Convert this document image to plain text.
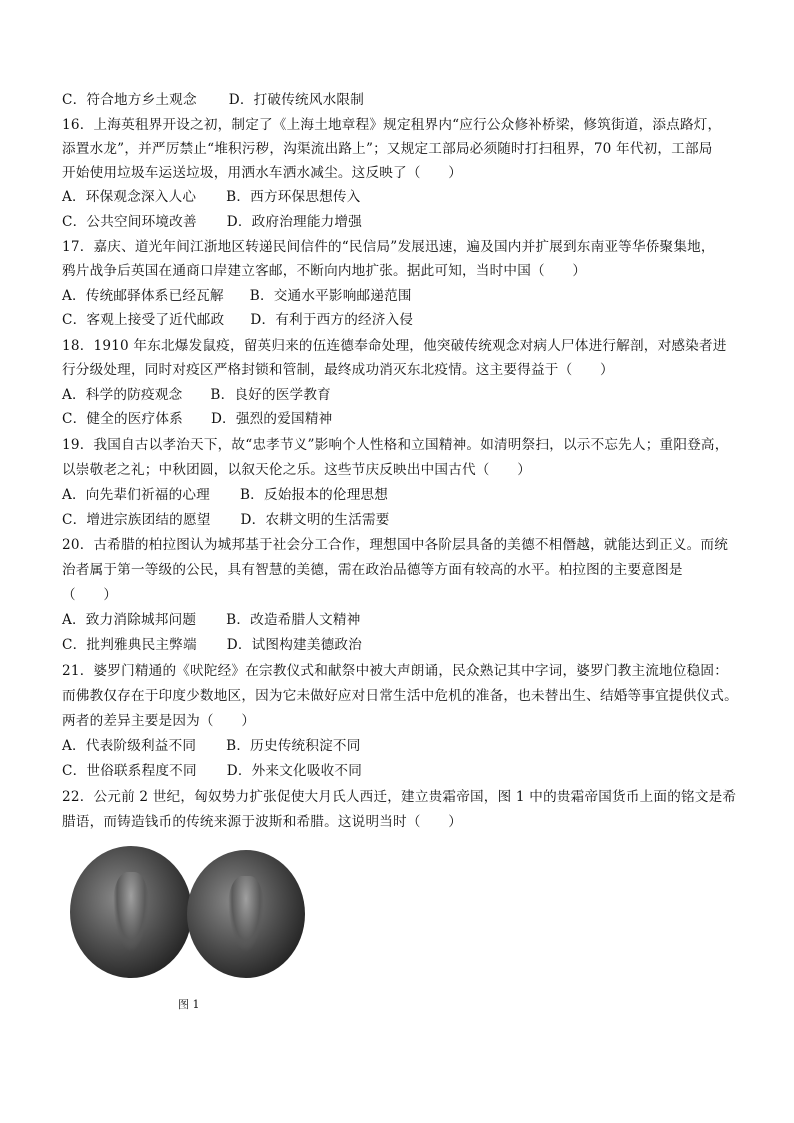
C．符合地方乡土观念 D．打破传统风水限制
16．上海英租界开设之初，制定了《上海土地章程》规定租界内“应行公众修补桥梁，修筑街道，添点路灯，
添置水龙”，并严厉禁止“堆积污秽，沟渠流出路上”；又规定工部局必须随时打扫租界，70 年代初，工部局
开始使用垃圾车运送垃圾，用洒水车洒水减尘。这反映了（　　）
A．环保观念深入人心 B．西方环保思想传入
C．公共空间环境改善 D．政府治理能力增强
17．嘉庆、道光年间江浙地区转递民间信件的“民信局”发展迅速，遍及国内并扩展到东南亚等华侨聚集地，
鸦片战争后英国在通商口岸建立客邮，不断向内地扩张。据此可知，当时中国（　　）
A．传统邮驿体系已经瓦解 B．交通水平影响邮递范围
C．客观上接受了近代邮政 D．有利于西方的经济入侵
18．1910 年东北爆发鼠疫，留英归来的伍连德奉命处理，他突破传统观念对病人尸体进行解剖，对感染者进
行分级处理，同时对疫区严格封锁和管制，最终成功消灭东北疫情。这主要得益于（　　）
A．科学的防疫观念 B．良好的医学教育
C．健全的医疗体系 D．强烈的爱国精神
19．我国自古以孝治天下，故“忠孝节义”影响个人性格和立国精神。如清明祭扫，以示不忘先人；重阳登高，
以崇敬老之礼；中秋团圆，以叙天伦之乐。这些节庆反映出中国古代（　　）
A．向先辈们祈福的心理 B．反始报本的伦理思想
C．增进宗族团结的愿望 D．农耕文明的生活需要
20．古希腊的柏拉图认为城邦基于社会分工合作，理想国中各阶层具备的美德不相僭越，就能达到正义。而统
治者属于第一等级的公民，具有智慧的美德，需在政治品德等方面有较高的水平。柏拉图的主要意图是
（　　）
A．致力消除城邦问题 B．改造希腊人文精神
C．批判雅典民主弊端 D．试图构建美德政治
21．婆罗门精通的《吠陀经》在宗教仪式和献祭中被大声朗诵，民众熟记其中字词，婆罗门教主流地位稳固：
而佛教仅存在于印度少数地区，因为它未做好应对日常生活中危机的准备，也未替出生、结婚等事宜提供仪式。
两者的差异主要是因为（　　）
A．代表阶级利益不同 B．历史传统积淀不同
C．世俗联系程度不同 D．外来文化吸收不同
22．公元前 2 世纪，匈奴势力扩张促使大月氏人西迁，建立贵霜帝国，图 1 中的贵霜帝国货币上面的铭文是希
腊语，而铸造钱币的传统来源于波斯和希腊。这说明当时（　　）
图 1
